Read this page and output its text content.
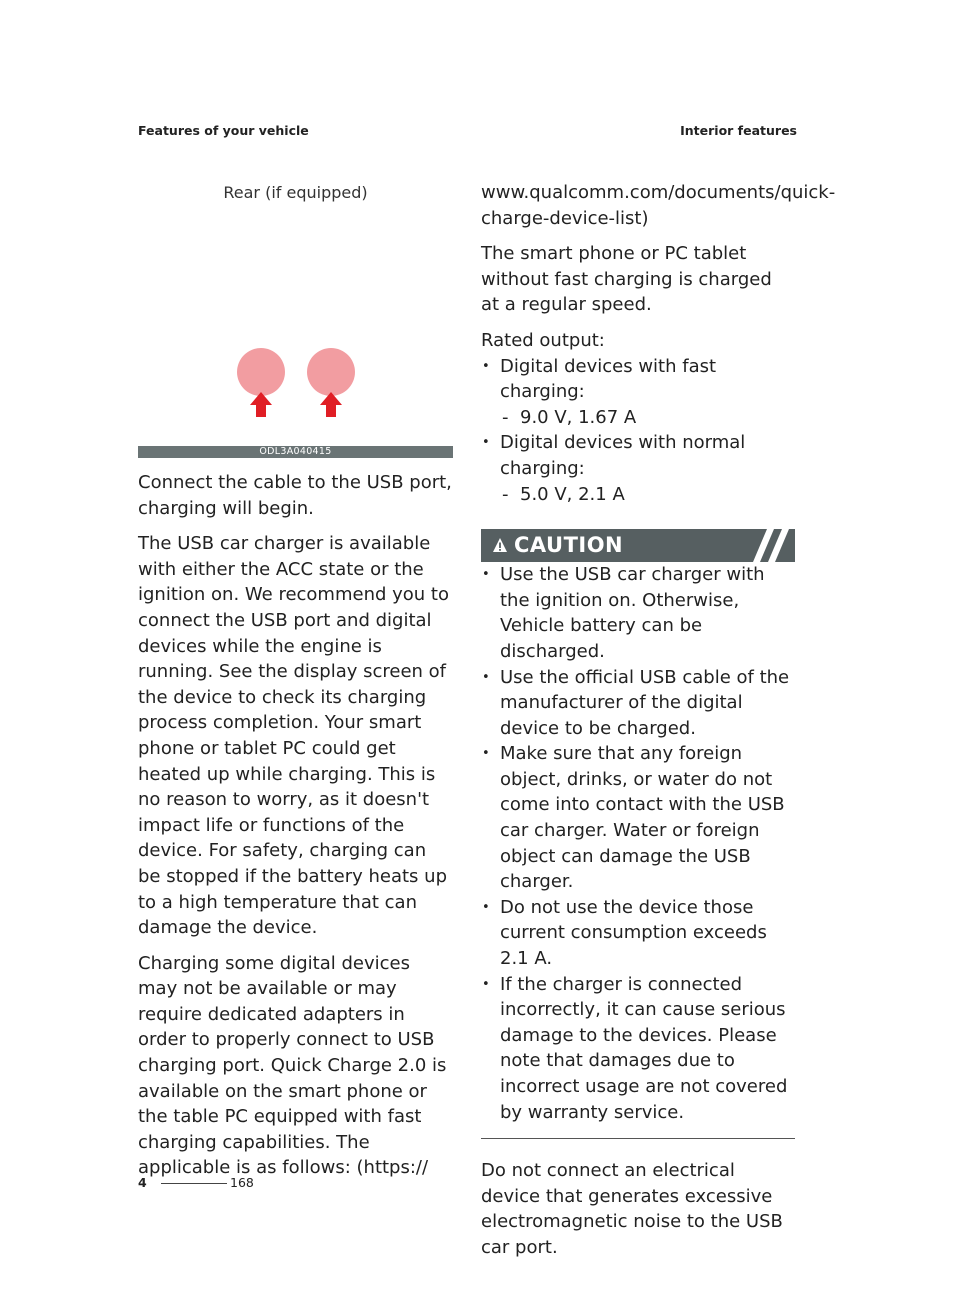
Features of your vehicle	Interior features
Rear (if equipped)
ODL3A040415

Connect the cable to the USB port, charging will begin.

The USB car charger is available with either the ACC state or the ignition on. We recommend you to connect the USB port and digital devices while the engine is running. See the display screen of the device to check its charging process completion. Your smart phone or tablet PC could get heated up while charging. This is no reason to worry, as it doesn't impact life or functions of the device. For safety, charging can be stopped if the battery heats up to a high temperature that can damage the device.

Charging some digital devices may not be available or may require dedicated adapters in order to properly connect to USB charging port. Quick Charge 2.0 is available on the smart phone or the table PC equipped with fast charging capabilities. The applicable is as follows: (https://

www.qualcomm.com/documents/quick-charge-device-list)

The smart phone or PC tablet without fast charging is charged at a regular speed.

Rated output:

• Digital devices with fast charging:
- 9.0 V, 1.67 A
• Digital devices with normal charging:
- 5.0 V, 2.1 A
CAUTION
• Use the USB car charger with the ignition on. Otherwise, Vehicle battery can be discharged.
• Use the official USB cable of the manufacturer of the digital device to be charged.
• Make sure that any foreign object, drinks, or water do not come into contact with the USB car charger. Water or foreign object can damage the USB charger.
• Do not use the device those current consumption exceeds 2.1 A.
• If the charger is connected incorrectly, it can cause serious damage to the devices. Please note that damages due to incorrect usage are not covered by warranty service.

Do not connect an electrical device that generates excessive electromagnetic noise to the USB car port.

4	168
